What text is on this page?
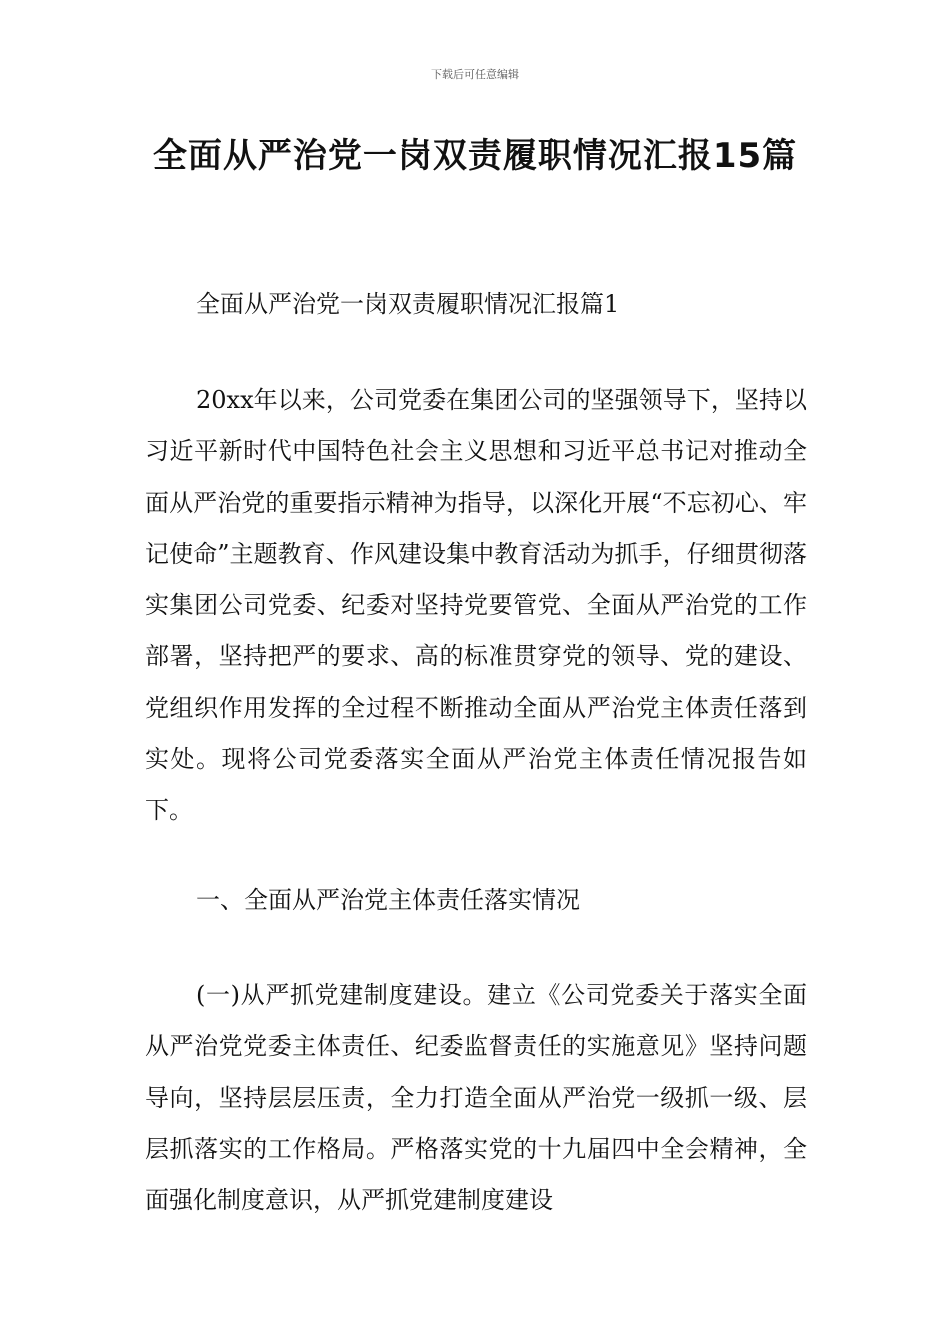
下载后可任意编辑
全面从严治党一岗双责履职情况汇报15篇
全面从严治党一岗双责履职情况汇报篇1

20xx年以来，公司党委在集团公司的坚强领导下，坚持以习近平新时代中国特色社会主义思想和习近平总书记对推动全面从严治党的重要指示精神为指导，以深化开展“不忘初心、牢记使命”主题教育、作风建设集中教育活动为抓手，仔细贯彻落实集团公司党委、纪委对坚持党要管党、全面从严治党的工作部署，坚持把严的要求、高的标准贯穿党的领导、党的建设、党组织作用发挥的全过程不断推动全面从严治党主体责任落到实处。现将公司党委落实全面从严治党主体责任情况报告如下。

一、全面从严治党主体责任落实情况

(一)从严抓党建制度建设。建立《公司党委关于落实全面从严治党党委主体责任、纪委监督责任的实施意见》坚持问题导向，坚持层层压责，全力打造全面从严治党一级抓一级、层层抓落实的工作格局。严格落实党的十九届四中全会精神，全面强化制度意识，从严抓党建制度建设
